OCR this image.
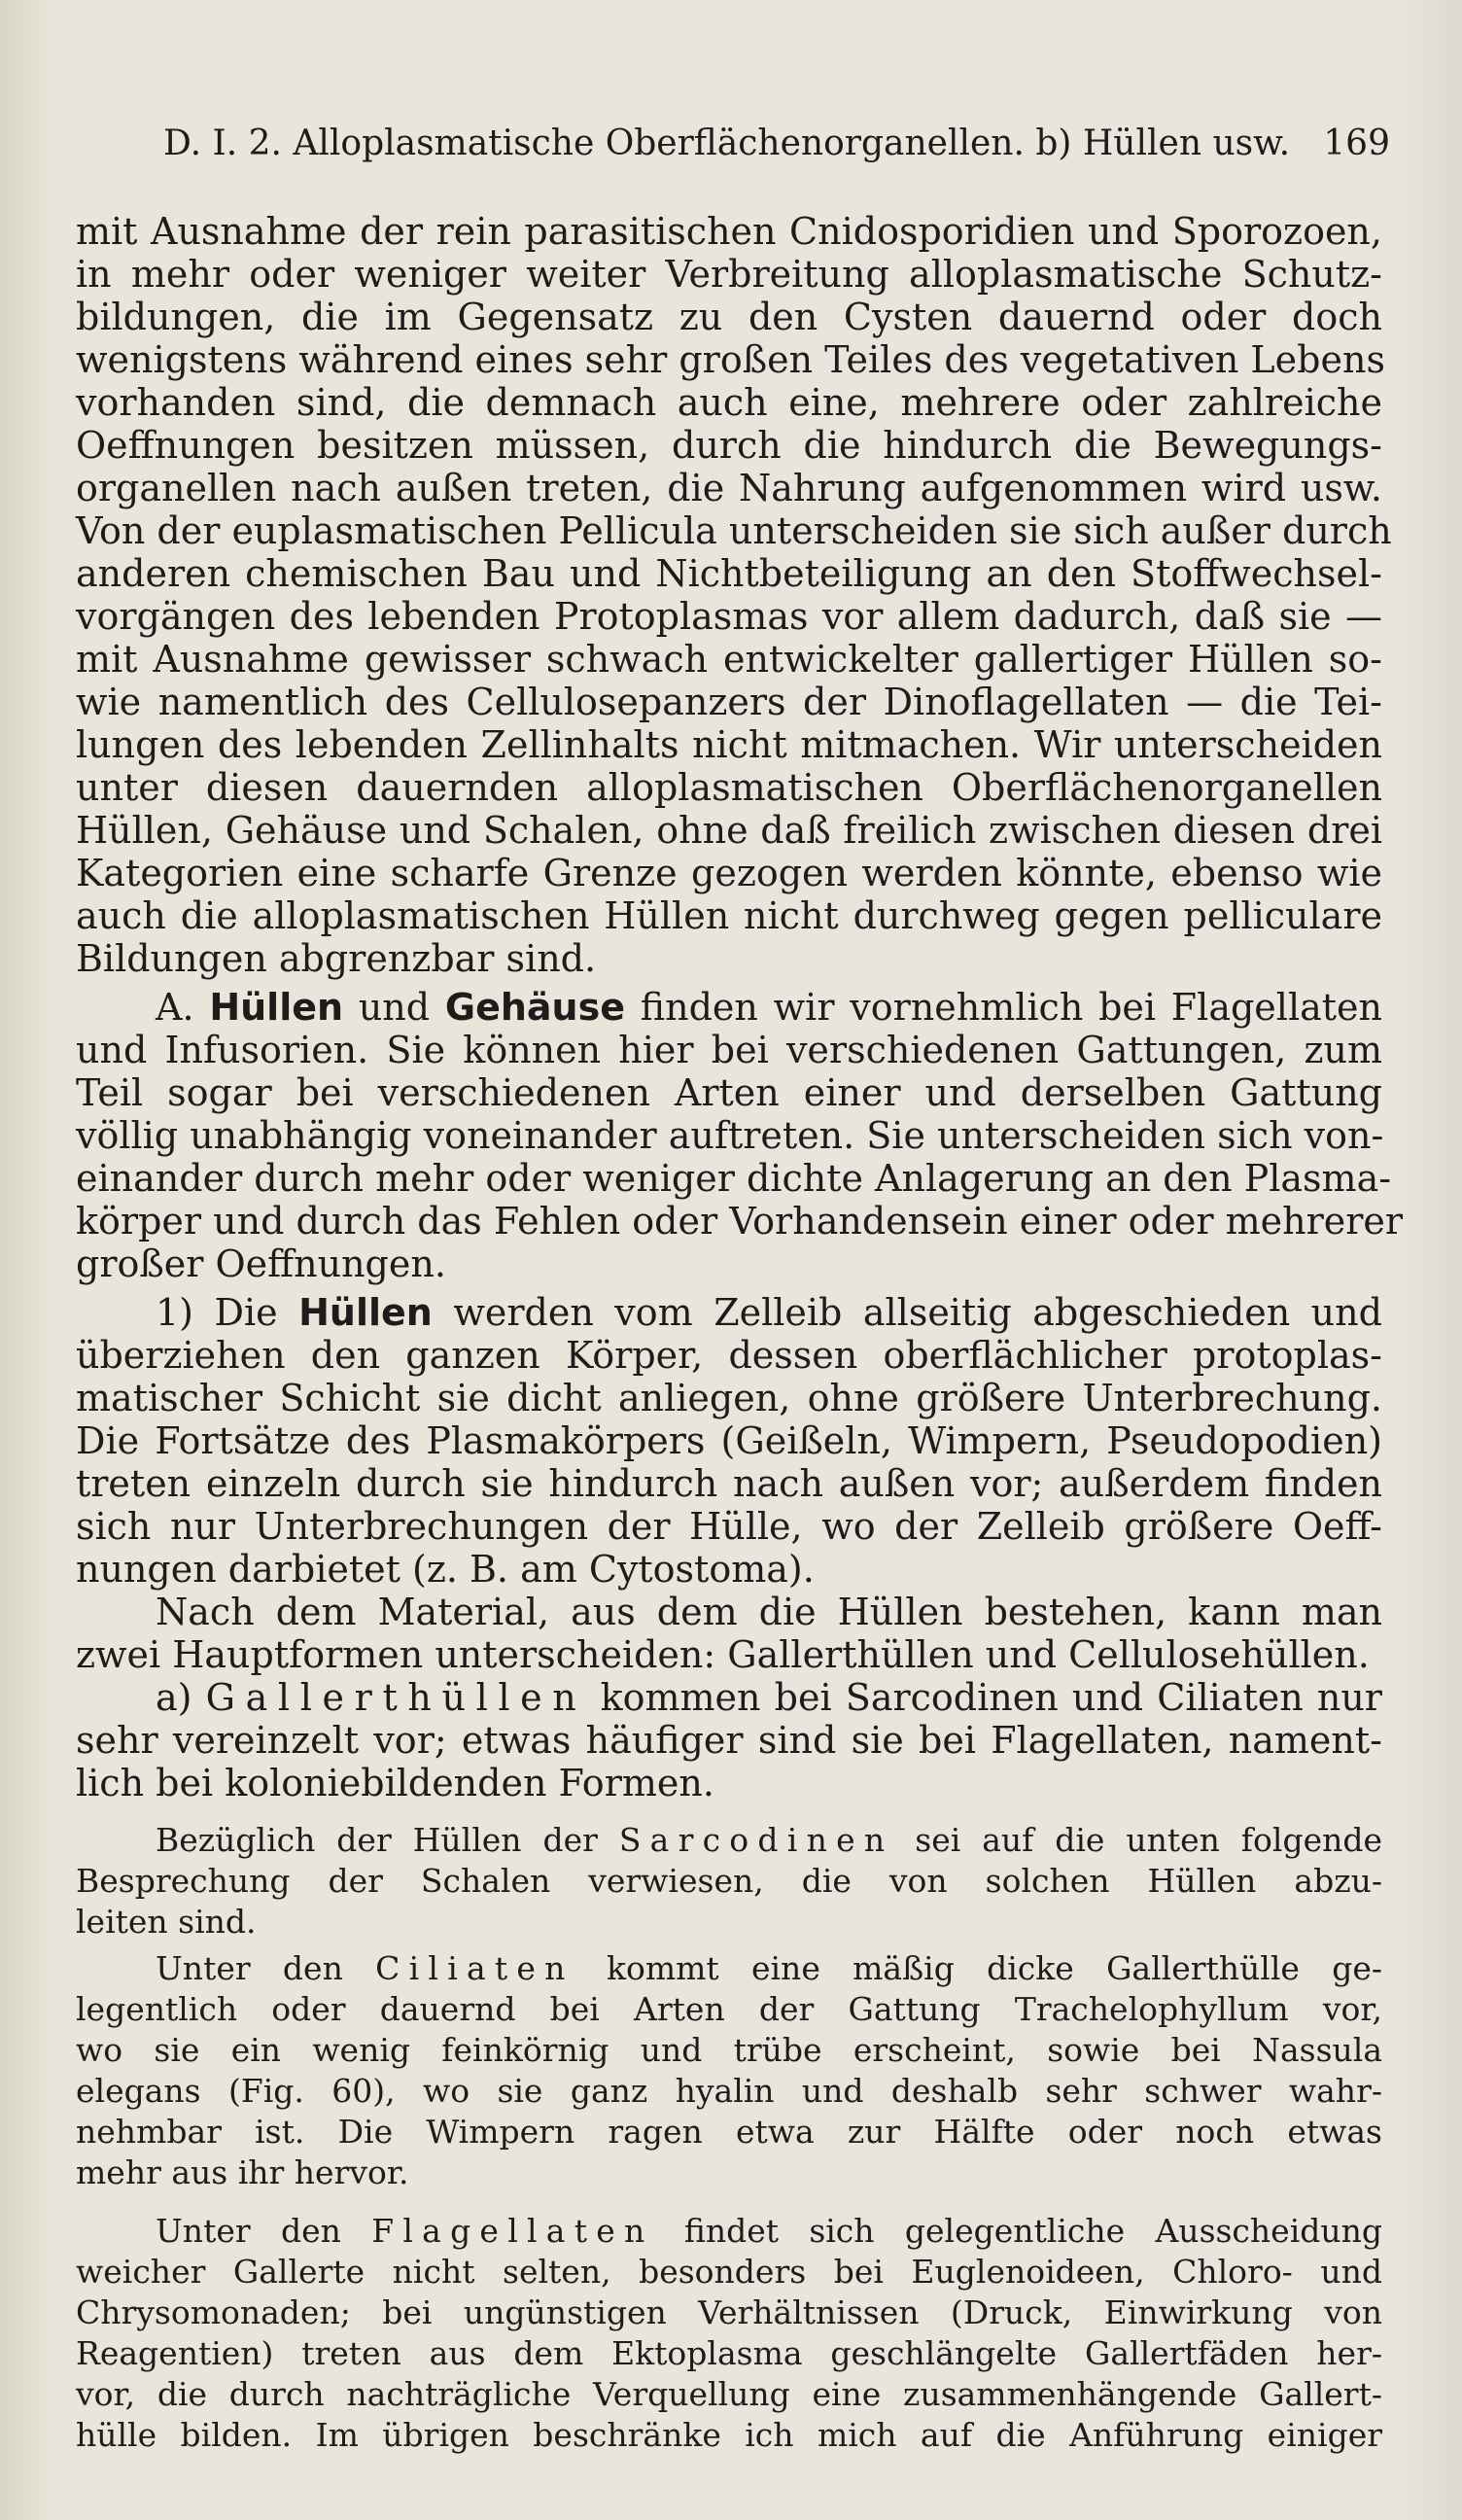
D. I. 2. Alloplasmatische Oberflächenorganellen. b) Hüllen usw. 169
mit Ausnahme der rein parasitischen Cnidosporidien und Sporozoen,
in mehr oder weniger weiter Verbreitung alloplasmatische Schutz-
bildungen, die im Gegensatz zu den Cysten dauernd oder doch
wenigstens während eines sehr großen Teiles des vegetativen Lebens
vorhanden sind, die demnach auch eine, mehrere oder zahlreiche
Oeffnungen besitzen müssen, durch die hindurch die Bewegungs-
organellen nach außen treten, die Nahrung aufgenommen wird usw.
Von der euplasmatischen Pellicula unterscheiden sie sich außer durch
anderen chemischen Bau und Nichtbeteiligung an den Stoffwechsel-
vorgängen des lebenden Protoplasmas vor allem dadurch, daß sie —
mit Ausnahme gewisser schwach entwickelter gallertiger Hüllen so-
wie namentlich des Cellulosepanzers der Dinoflagellaten — die Tei-
lungen des lebenden Zellinhalts nicht mitmachen. Wir unterscheiden
unter diesen dauernden alloplasmatischen Oberflächenorganellen
Hüllen, Gehäuse und Schalen, ohne daß freilich zwischen diesen drei
Kategorien eine scharfe Grenze gezogen werden könnte, ebenso wie
auch die alloplasmatischen Hüllen nicht durchweg gegen pelliculare
Bildungen abgrenzbar sind.
A. Hüllen und Gehäuse finden wir vornehmlich bei Flagellaten
und Infusorien. Sie können hier bei verschiedenen Gattungen, zum
Teil sogar bei verschiedenen Arten einer und derselben Gattung
völlig unabhängig voneinander auftreten. Sie unterscheiden sich von-
einander durch mehr oder weniger dichte Anlagerung an den Plasma-
körper und durch das Fehlen oder Vorhandensein einer oder mehrerer
großer Oeffnungen.
1) Die Hüllen werden vom Zelleib allseitig abgeschieden und
überziehen den ganzen Körper, dessen oberflächlicher protoplas-
matischer Schicht sie dicht anliegen, ohne größere Unterbrechung.
Die Fortsätze des Plasmakörpers (Geißeln, Wimpern, Pseudopodien)
treten einzeln durch sie hindurch nach außen vor; außerdem finden
sich nur Unterbrechungen der Hülle, wo der Zelleib größere Oeff-
nungen darbietet (z. B. am Cytostoma).
Nach dem Material, aus dem die Hüllen bestehen, kann man
zwei Hauptformen unterscheiden: Gallerthüllen und Cellulosehüllen.
a) Gallerthüllen kommen bei Sarcodinen und Ciliaten nur
sehr vereinzelt vor; etwas häufiger sind sie bei Flagellaten, nament-
lich bei koloniebildenden Formen.
Bezüglich der Hüllen der Sarcodinen sei auf die unten folgende
Besprechung der Schalen verwiesen, die von solchen Hüllen abzu-
leiten sind.
Unter den Ciliaten kommt eine mäßig dicke Gallerthülle ge-
legentlich oder dauernd bei Arten der Gattung Trachelophyllum vor,
wo sie ein wenig feinkörnig und trübe erscheint, sowie bei Nassula
elegans (Fig. 60), wo sie ganz hyalin und deshalb sehr schwer wahr-
nehmbar ist. Die Wimpern ragen etwa zur Hälfte oder noch etwas
mehr aus ihr hervor.
Unter den Flagellaten findet sich gelegentliche Ausscheidung
weicher Gallerte nicht selten, besonders bei Euglenoideen, Chloro- und
Chrysomonaden; bei ungünstigen Verhältnissen (Druck, Einwirkung von
Reagentien) treten aus dem Ektoplasma geschlängelte Gallertfäden her-
vor, die durch nachträgliche Verquellung eine zusammenhängende Gallert-
hülle bilden. Im übrigen beschränke ich mich auf die Anführung einiger
